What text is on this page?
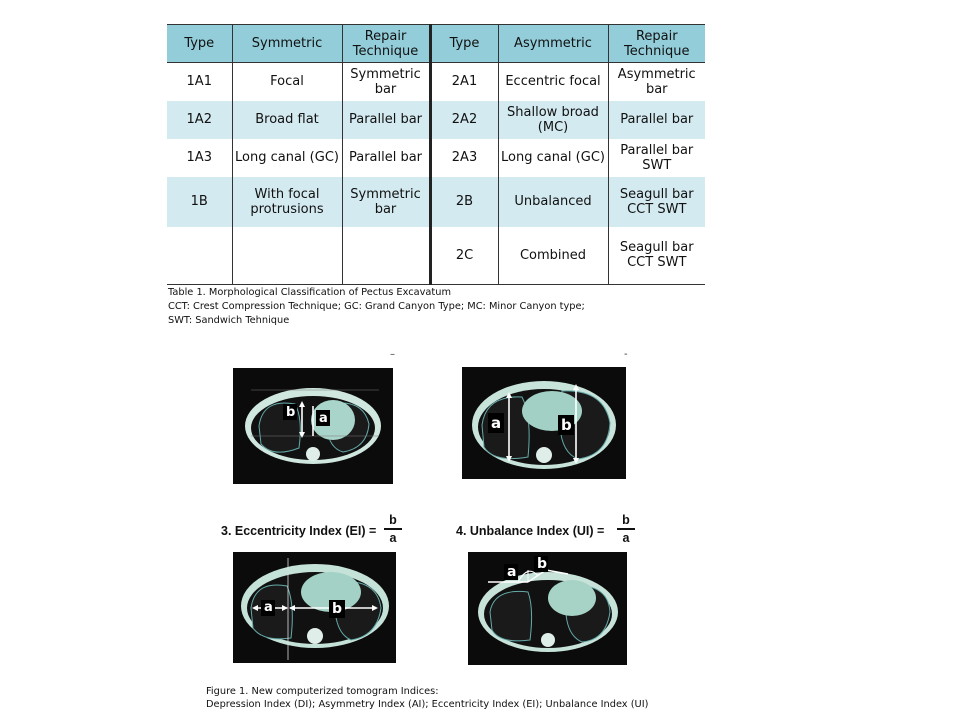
Type	Symmetric	Repair Technique	Type	Asymmetric	Repair Technique
1A1	Focal	Symmetric bar	2A1	Eccentric focal	Asymmetric bar
1A2	Broad flat	Parallel bar	2A2	Shallow broad (MC)	Parallel bar
1A3	Long canal (GC)	Parallel bar	2A3	Long canal (GC)	Parallel bar SWT
1B	With focal protrusions	Symmetric bar	2B	Unbalanced	Seagull bar CCT SWT
			2C	Combined	Seagull bar CCT SWT
Table 1. Morphological Classification of Pectus Excavatum
CCT: Crest Compression Technique; GC: Grand Canyon Type; MC: Minor Canyon type;
SWT: Sandwich Tehnique
–	-
b a	a	b
3. Eccentricity Index (EI) =
b
a	4. Unbalance Index (UI) =
b
a
a	b
a b
Figure 1. New computerized tomogram Indices:
Depression Index (DI); Asymmetry Index (AI); Eccentricity Index (EI); Unbalance Index (UI)
